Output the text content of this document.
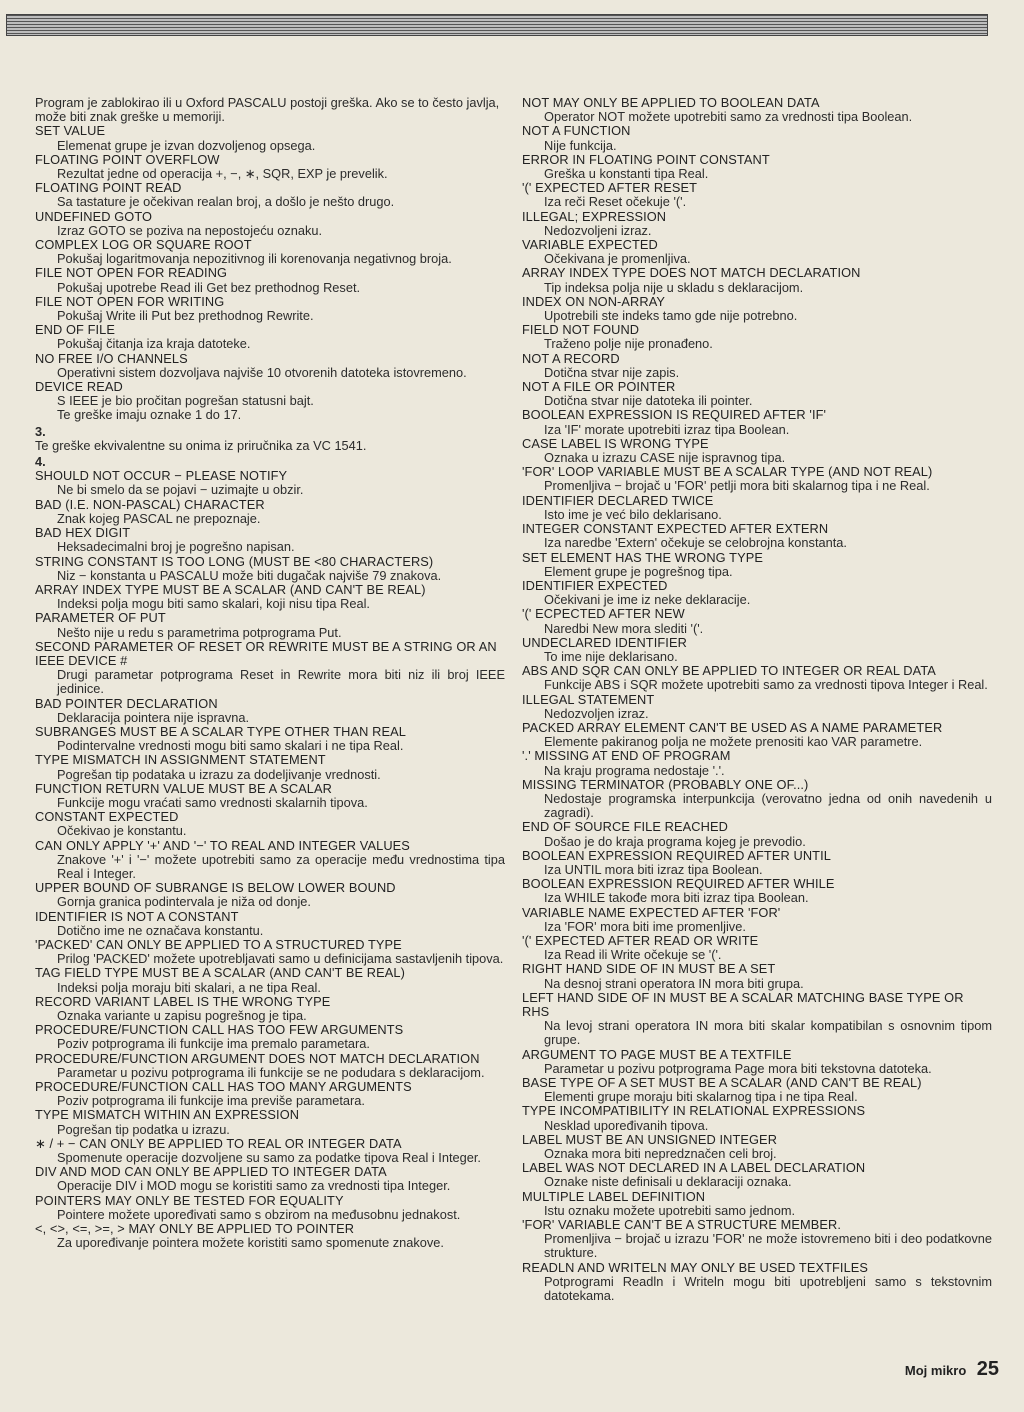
Program je zablokirao ili u Oxford PASCALU postoji greška. Ako se to često javlja, može biti znak greške u memoriji.
SET VALUE
Elemenat grupe je izvan dozvoljenog opsega.
FLOATING POINT OVERFLOW
Rezultat jedne od operacija +, −, ∗, SQR, EXP je prevelik.
FLOATING POINT READ
Sa tastature je očekivan realan broj, a došlo je nešto drugo.
UNDEFINED GOTO
Izraz GOTO se poziva na nepostojeću oznaku.
COMPLEX LOG OR SQUARE ROOT
Pokušaj logaritmovanja nepozitivnog ili korenovanja negativnog broja.
FILE NOT OPEN FOR READING
Pokušaj upotrebe Read ili Get bez prethodnog Reset.
FILE NOT OPEN FOR WRITING
Pokušaj Write ili Put bez prethodnog Rewrite.
END OF FILE
Pokušaj čitanja iza kraja datoteke.
NO FREE I/O CHANNELS
Operativni sistem dozvoljava najviše 10 otvorenih datoteka istovremeno.
DEVICE READ
S IEEE je bio pročitan pogrešan statusni bajt.
Te greške imaju oznake 1 do 17.
3.
Te greške ekvivalentne su onima iz priručnika za VC 1541.
4.
SHOULD NOT OCCUR − PLEASE NOTIFY
Ne bi smelo da se pojavi − uzimajte u obzir.
BAD (I.E. NON-PASCAL) CHARACTER
Znak kojeg PASCAL ne prepoznaje.
BAD HEX DIGIT
Heksadecimalni broj je pogrešno napisan.
STRING CONSTANT IS TOO LONG (MUST BE <80 CHARACTERS)
Niz − konstanta u PASCALU može biti dugačak najviše 79 znakova.
ARRAY INDEX TYPE MUST BE A SCALAR (AND CAN'T BE REAL)
Indeksi polja mogu biti samo skalari, koji nisu tipa Real.
PARAMETER OF PUT
Nešto nije u redu s parametrima potprograma Put.
SECOND PARAMETER OF RESET OR REWRITE MUST BE A STRING OR AN IEEE DEVICE #
Drugi parametar potprograma Reset in Rewrite mora biti niz ili broj IEEE jedinice.
BAD POINTER DECLARATION
Deklaracija pointera nije ispravna.
SUBRANGES MUST BE A SCALAR TYPE OTHER THAN REAL
Podintervalne vrednosti mogu biti samo skalari i ne tipa Real.
TYPE MISMATCH IN ASSIGNMENT STATEMENT
Pogrešan tip podataka u izrazu za dodeljivanje vrednosti.
FUNCTION RETURN VALUE MUST BE A SCALAR
Funkcije mogu vraćati samo vrednosti skalarnih tipova.
CONSTANT EXPECTED
Očekivao je konstantu.
CAN ONLY APPLY '+' AND '−' TO REAL AND INTEGER VALUES
Znakove '+' i '−' možete upotrebiti samo za operacije među vrednostima tipa Real i Integer.
UPPER BOUND OF SUBRANGE IS BELOW LOWER BOUND
Gornja granica podintervala je niža od donje.
IDENTIFIER IS NOT A CONSTANT
Dotično ime ne označava konstantu.
'PACKED' CAN ONLY BE APPLIED TO A STRUCTURED TYPE
Prilog 'PACKED' možete upotrebljavati samo u definicijama sastavljenih tipova.
TAG FIELD TYPE MUST BE A SCALAR (AND CAN'T BE REAL)
Indeksi polja moraju biti skalari, a ne tipa Real.
RECORD VARIANT LABEL IS THE WRONG TYPE
Oznaka variante u zapisu pogrešnog je tipa.
PROCEDURE/FUNCTION CALL HAS TOO FEW ARGUMENTS
Poziv potprograma ili funkcije ima premalo parametara.
PROCEDURE/FUNCTION ARGUMENT DOES NOT MATCH DECLARATION
Parametar u pozivu potprograma ili funkcije se ne podudara s deklaracijom.
PROCEDURE/FUNCTION CALL HAS TOO MANY ARGUMENTS
Poziv potprograma ili funkcije ima previše parametara.
TYPE MISMATCH WITHIN AN EXPRESSION
Pogrešan tip podatka u izrazu.
∗ / + − CAN ONLY BE APPLIED TO REAL OR INTEGER DATA
Spomenute operacije dozvoljene su samo za podatke tipova Real i Integer.
DIV AND MOD CAN ONLY BE APPLIED TO INTEGER DATA
Operacije DIV i MOD mogu se koristiti samo za vrednosti tipa Integer.
POINTERS MAY ONLY BE TESTED FOR EQUALITY
Pointere možete upoređivati samo s obzirom na međusobnu jednakost.
<, <>, <=, >=, > MAY ONLY BE APPLIED TO POINTER
Za upoređivanje pointera možete koristiti samo spomenute znakove.
NOT MAY ONLY BE APPLIED TO BOOLEAN DATA
Operator NOT možete upotrebiti samo za vrednosti tipa Boolean.
NOT A FUNCTION
Nije funkcija.
ERROR IN FLOATING POINT CONSTANT
Greška u konstanti tipa Real.
'(' EXPECTED AFTER RESET
Iza reči Reset očekuje '('.
ILLEGAL; EXPRESSION
Nedozvoljeni izraz.
VARIABLE EXPECTED
Očekivana je promenljiva.
ARRAY INDEX TYPE DOES NOT MATCH DECLARATION
Tip indeksa polja nije u skladu s deklaracijom.
INDEX ON NON-ARRAY
Upotrebili ste indeks tamo gde nije potrebno.
FIELD NOT FOUND
Traženo polje nije pronađeno.
NOT A RECORD
Dotična stvar nije zapis.
NOT A FILE OR POINTER
Dotična stvar nije datoteka ili pointer.
BOOLEAN EXPRESSION IS REQUIRED AFTER 'IF'
Iza 'IF' morate upotrebiti izraz tipa Boolean.
CASE LABEL IS WRONG TYPE
Oznaka u izrazu CASE nije ispravnog tipa.
'FOR' LOOP VARIABLE MUST BE A SCALAR TYPE (AND NOT REAL)
Promenljiva − brojač u 'FOR' petlji mora biti skalarnog tipa i ne Real.
IDENTIFIER DECLARED TWICE
Isto ime je već bilo deklarisano.
INTEGER CONSTANT EXPECTED AFTER EXTERN
Iza naredbe 'Extern' očekuje se celobrojna konstanta.
SET ELEMENT HAS THE WRONG TYPE
Element grupe je pogrešnog tipa.
IDENTIFIER EXPECTED
Očekivani je ime iz neke deklaracije.
'(' ECPECTED AFTER NEW
Naredbi New mora slediti '('.
UNDECLARED IDENTIFIER
To ime nije deklarisano.
ABS AND SQR CAN ONLY BE APPLIED TO INTEGER OR REAL DATA
Funkcije ABS i SQR možete upotrebiti samo za vrednosti tipova Integer i Real.
ILLEGAL STATEMENT
Nedozvoljen izraz.
PACKED ARRAY ELEMENT CAN'T BE USED AS A NAME PARAMETER
Elemente pakiranog polja ne možete prenositi kao VAR parametre.
'.' MISSING AT END OF PROGRAM
Na kraju programa nedostaje '.'.
MISSING TERMINATOR (PROBABLY ONE OF...)
Nedostaje programska interpunkcija (verovatno jedna od onih navedenih u zagradi).
END OF SOURCE FILE REACHED
Došao je do kraja programa kojeg je prevodio.
BOOLEAN EXPRESSION REQUIRED AFTER UNTIL
Iza UNTIL mora biti izraz tipa Boolean.
BOOLEAN EXPRESSION REQUIRED AFTER WHILE
Iza WHILE takođe mora biti izraz tipa Boolean.
VARIABLE NAME EXPECTED AFTER 'FOR'
Iza 'FOR' mora biti ime promenljive.
'(' EXPECTED AFTER READ OR WRITE
Iza Read ili Write očekuje se '('.
RIGHT HAND SIDE OF IN MUST BE A SET
Na desnoj strani operatora IN mora biti grupa.
LEFT HAND SIDE OF IN MUST BE A SCALAR MATCHING BASE TYPE OR RHS
Na levoj strani operatora IN mora biti skalar kompatibilan s osnovnim tipom grupe.
ARGUMENT TO PAGE MUST BE A TEXTFILE
Parametar u pozivu potprograma Page mora biti tekstovna datoteka.
BASE TYPE OF A SET MUST BE A SCALAR (AND CAN'T BE REAL)
Elementi grupe moraju biti skalarnog tipa i ne tipa Real.
TYPE INCOMPATIBILITY IN RELATIONAL EXPRESSIONS
Nesklad upoređivanih tipova.
LABEL MUST BE AN UNSIGNED INTEGER
Oznaka mora biti nepredznačen celi broj.
LABEL WAS NOT DECLARED IN A LABEL DECLARATION
Oznake niste definisali u deklaraciji oznaka.
MULTIPLE LABEL DEFINITION
Istu oznaku možete upotrebiti samo jednom.
'FOR' VARIABLE CAN'T BE A STRUCTURE MEMBER.
Promenljiva − brojač u izrazu 'FOR' ne može istovremeno biti i deo podatkovne strukture.
READLN AND WRITELN MAY ONLY BE USED TEXTFILES
Potprogrami Readln i Writeln mogu biti upotrebljeni samo s tekstovnim datotekama.
Moj mikro 25
